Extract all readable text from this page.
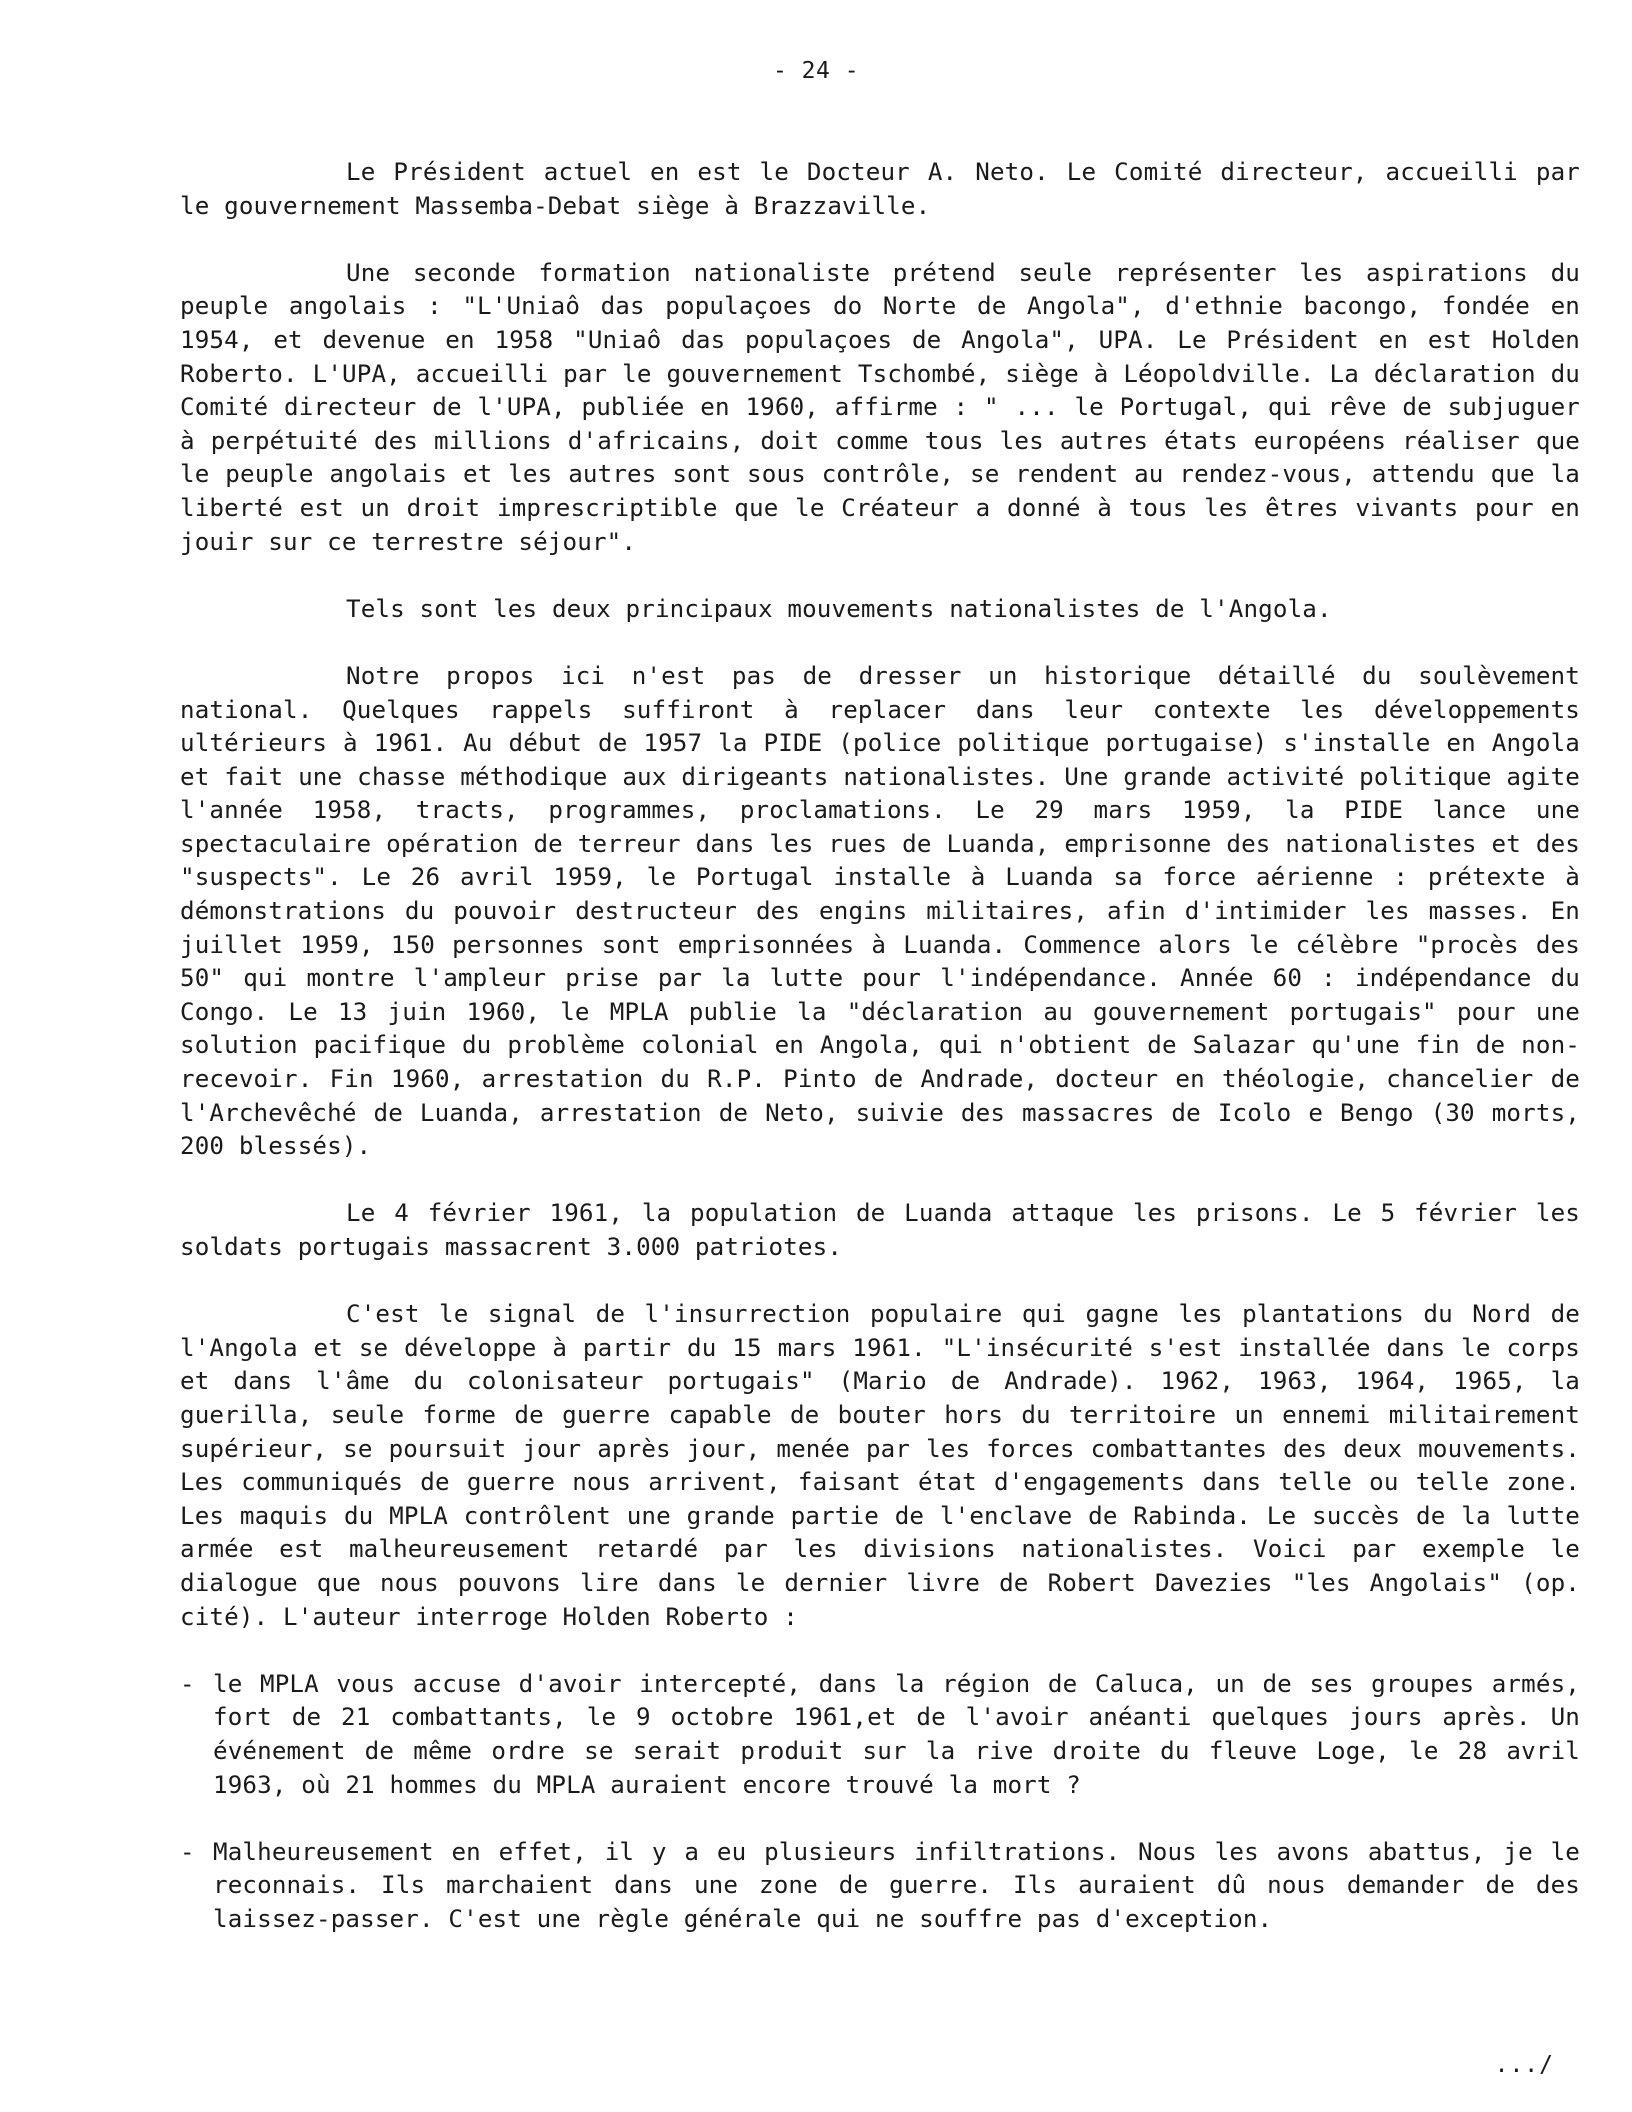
- 24 -

Le Président actuel en est le Docteur A. Neto. Le Comité directeur, accueilli par le gouvernement Massemba-Debat siège à Brazzaville.

Une seconde formation nationaliste prétend seule représenter les aspirations du peuple angolais : "L'Uniaô das populaçoes do Norte de Angola", d'ethnie bacongo, fondée en 1954, et devenue en 1958 "Uniaô das populaçoes de Angola", UPA. Le Président en est Holden Roberto. L'UPA, accueilli par le gouvernement Tschombé, siège à Léopoldville. La déclaration du Comité directeur de l'UPA, publiée en 1960, affirme : " ... le Portugal, qui rêve de subjuguer à perpétuité des millions d'africains, doit comme tous les autres états européens réaliser que le peuple angolais et les autres sont sous contrôle, se rendent au rendez-vous, attendu que la liberté est un droit imprescriptible que le Créateur a donné à tous les êtres vivants pour en jouir sur ce terrestre séjour".

Tels sont les deux principaux mouvements nationalistes de l'Angola.

Notre propos ici n'est pas de dresser un historique détaillé du soulèvement national. Quelques rappels suffiront à replacer dans leur contexte les développements ultérieurs à 1961. Au début de 1957 la PIDE (police politique portugaise) s'installe en Angola et fait une chasse méthodique aux dirigeants nationalistes. Une grande activité politique agite l'année 1958, tracts, programmes, proclamations. Le 29 mars 1959, la PIDE lance une spectaculaire opération de terreur dans les rues de Luanda, emprisonne des nationalistes et des "suspects". Le 26 avril 1959, le Portugal installe à Luanda sa force aérienne : prétexte à démonstrations du pouvoir destructeur des engins militaires, afin d'intimider les masses. En juillet 1959, 150 personnes sont emprisonnées à Luanda. Commence alors le célèbre "procès des 50" qui montre l'ampleur prise par la lutte pour l'indépendance. Année 60 : indépendance du Congo. Le 13 juin 1960, le MPLA publie la "déclaration au gouvernement portugais" pour une solution pacifique du problème colonial en Angola, qui n'obtient de Salazar qu'une fin de non-recevoir. Fin 1960, arrestation du R.P. Pinto de Andrade, docteur en théologie, chancelier de l'Archevêché de Luanda, arrestation de Neto, suivie des massacres de Icolo e Bengo (30 morts, 200 blessés).

Le 4 février 1961, la population de Luanda attaque les prisons. Le 5 février les soldats portugais massacrent 3.000 patriotes.

C'est le signal de l'insurrection populaire qui gagne les plantations du Nord de l'Angola et se développe à partir du 15 mars 1961. "L'insécurité s'est installée dans le corps et dans l'âme du colonisateur portugais" (Mario de Andrade). 1962, 1963, 1964, 1965, la guerilla, seule forme de guerre capable de bouter hors du territoire un ennemi militairement supérieur, se poursuit jour après jour, menée par les forces combattantes des deux mouvements. Les communiqués de guerre nous arrivent, faisant état d'engagements dans telle ou telle zone. Les maquis du MPLA contrôlent une grande partie de l'enclave de Rabinda. Le succès de la lutte armée est malheureusement retardé par les divisions nationalistes. Voici par exemple le dialogue que nous pouvons lire dans le dernier livre de Robert Davezies "les Angolais" (op. cité). L'auteur interroge Holden Roberto :

- le MPLA vous accuse d'avoir intercepté, dans la région de Caluca, un de ses groupes armés, fort de 21 combattants, le 9 octobre 1961,et de l'avoir anéanti quelques jours après. Un événement de même ordre se serait produit sur la rive droite du fleuve Loge, le 28 avril 1963, où 21 hommes du MPLA auraient encore trouvé la mort ?

- Malheureusement en effet, il y a eu plusieurs infiltrations. Nous les avons abattus, je le reconnais. Ils marchaient dans une zone de guerre. Ils auraient dû nous demander de des laissez-passer. C'est une règle générale qui ne souffre pas d'exception.

.../
